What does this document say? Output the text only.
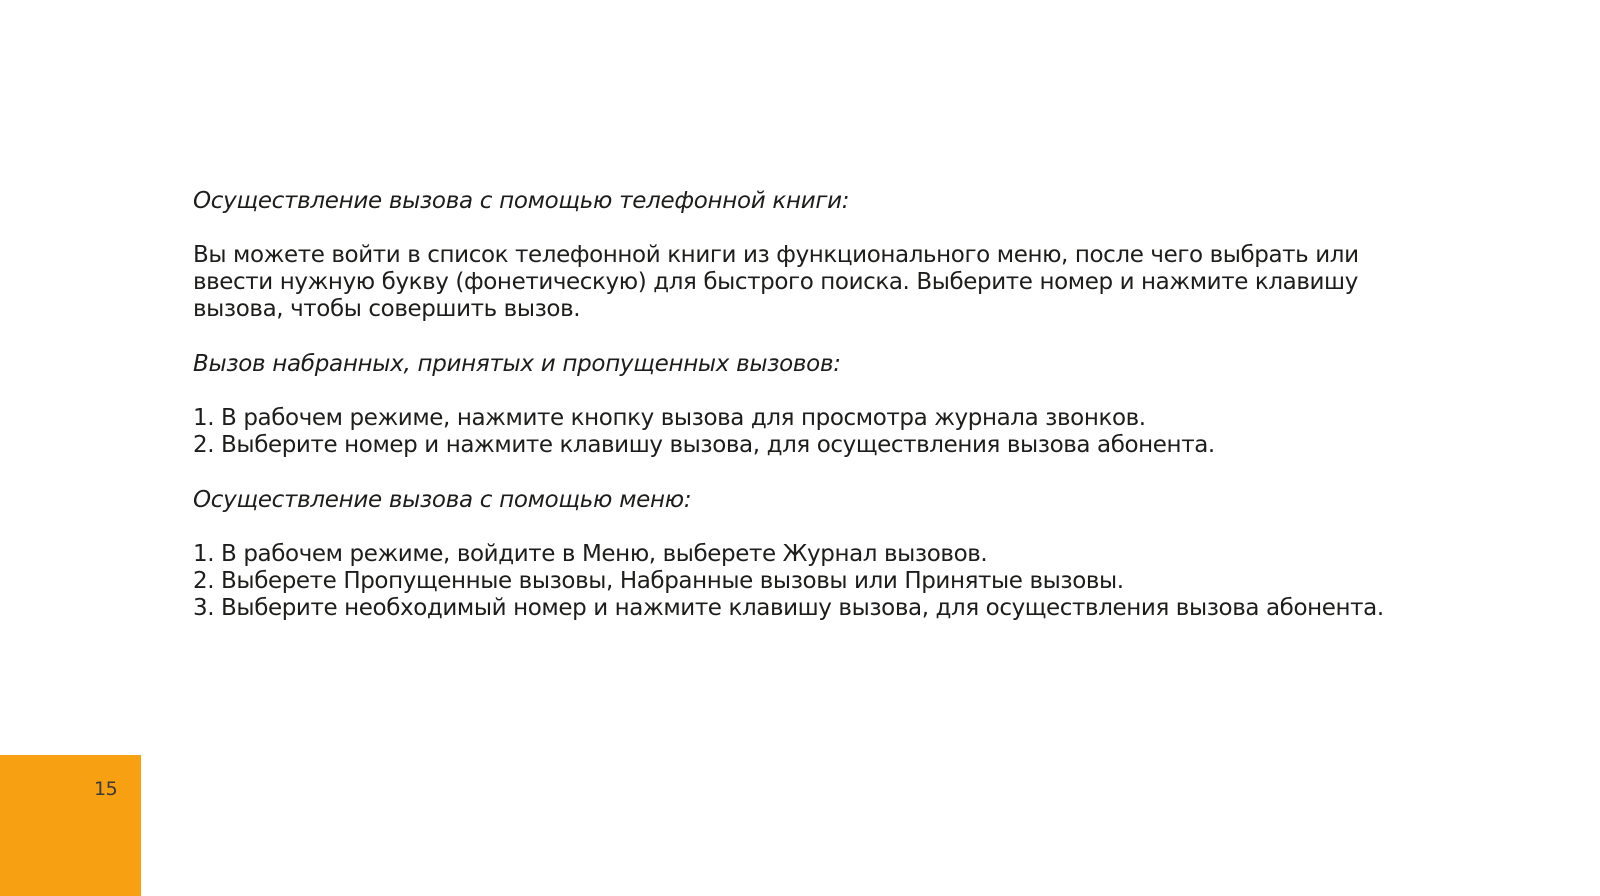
Осуществление вызова с помощью телефонной книги:

Вы можете войти в список телефонной книги из функционального меню, после чего выбрать или ввести нужную букву (фонетическую) для быстрого поиска. Выберите номер и нажмите клавишу вызова, чтобы совершить вызов.

Вызов набранных, принятых и пропущенных вызовов:

1. В рабочем режиме, нажмите кнопку вызова для просмотра журнала звонков.
2. Выберите номер и нажмите клавишу вызова, для осуществления вызова абонента.

Осуществление вызова с помощью меню:

1. В рабочем режиме, войдите в Меню, выберете Журнал вызовов.
2. Выберете Пропущенные вызовы, Набранные вызовы или Принятые вызовы.
3. Выберите необходимый номер и нажмите клавишу вызова, для осуществления вызова абонента.
15
